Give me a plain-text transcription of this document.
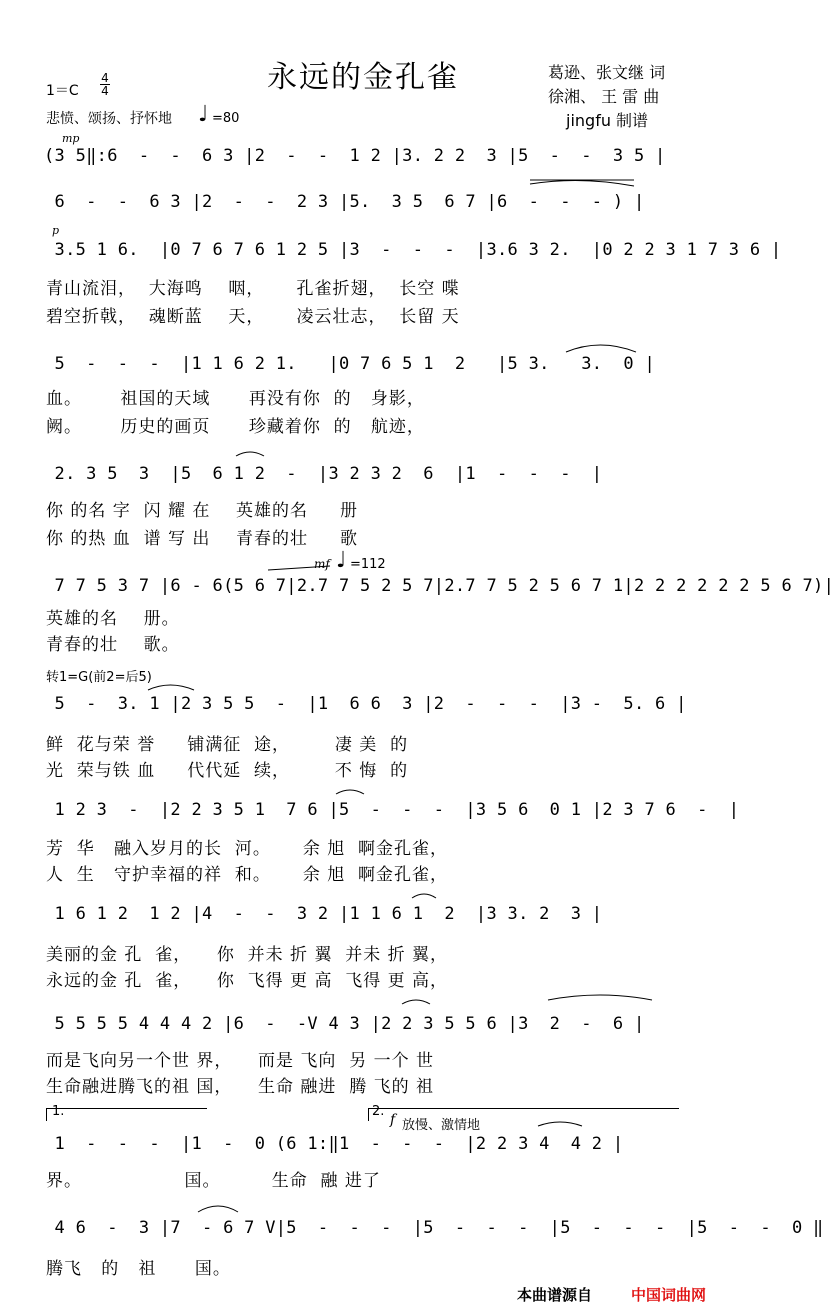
永远的金孔雀	葛逊、张文继 词
徐湘、 王 雷 曲
jingfu 制谱
1＝C
4
4
悲愤、颂扬、抒怀地 ♩ =80
mp
p
mf ♩ =112
转1=G(前2=后5)
(3 5‖:6  -  -  6 3 |2  -  -  1 2 |3. 2 2  3 |5  -  -  3 5 |
6  -  -  6 3 |2  -  -  2 3 |5.  3 5  6 7 |6  -  -  - ) |
3.5 1 6.  |0 7 6 7 6 1 2 5 |3  -  -  -  |3.6 3 2.  |0 2 2 3 1 7 3 6 |
青山流泪，  大海鸣    咽，     孔雀折翅，  长空 喋
碧空折戟，  魂断蓝    天，     凌云壮志，  长留 天
5  -  -  -  |1 1 6 2 1.   |0 7 6 5 1  2   |5 3.   3.  0 |
血。      祖国的天域      再没有你  的   身影，
阙。      历史的画页      珍藏着你  的   航迹，
2. 3 5  3  |5  6 1 2  -  |3 2 3 2  6  |1  -  -  -  |
你 的名 字  闪 耀 在    英雄的名     册
你 的热 血  谱 写 出    青春的壮     歌
7 7 5 3 7 |6 - 6(5 6 7|2.7 7 5 2 5 7|2.7 7 5 2 5 6 7 1|2 2 2 2 2 2 5 6 7)|
英雄的名    册。
青春的壮    歌。
5  -  3. 1 |2 3 5 5  -  |1  6 6  3 |2  -  -  -  |3 -  5. 6 |
鲜  花与荣 誉     铺满征  途，       凄 美  的
光  荣与铁 血     代代延  续，       不 悔  的
1 2 3  -  |2 2 3 5 1  7 6 |5  -  -  -  |3 5 6  0 1 |2 3 7 6  -  |
芳  华   融入岁月的长  河。     余 旭  啊金孔雀，
人  生   守护幸福的祥  和。     余 旭  啊金孔雀，
1 6 1 2  1 2 |4  -  -  3 2 |1 1 6 1  2  |3 3. 2  3 |
美丽的金 孔  雀，    你  并未 折 翼  并未 折 翼，
永远的金 孔  雀，    你  飞得 更 高  飞得 更 高，
5 5 5 5 4 4 4 2 |6  -  -V 4 3 |2 2 3 5 5 6 |3  2  -  6 |
而是飞向另一个世 界，    而是 飞向  另 一个 世
生命融进腾飞的祖 国，    生命 融进  腾 飞的 祖
1.	2.
f 放慢、激情地
1  -  -  -  |1  -  0 (6 1:‖1  -  -  -  |2 2 3 4  4 2 |
界。                国。        生命  融 进了
4 6  -  3 |7  - 6 7 V|5  -  -  -  |5  -  -  -  |5  -  -  -  |5  -  -  0 ‖
腾飞   的   祖      国。
本曲谱源自	中国词曲网
